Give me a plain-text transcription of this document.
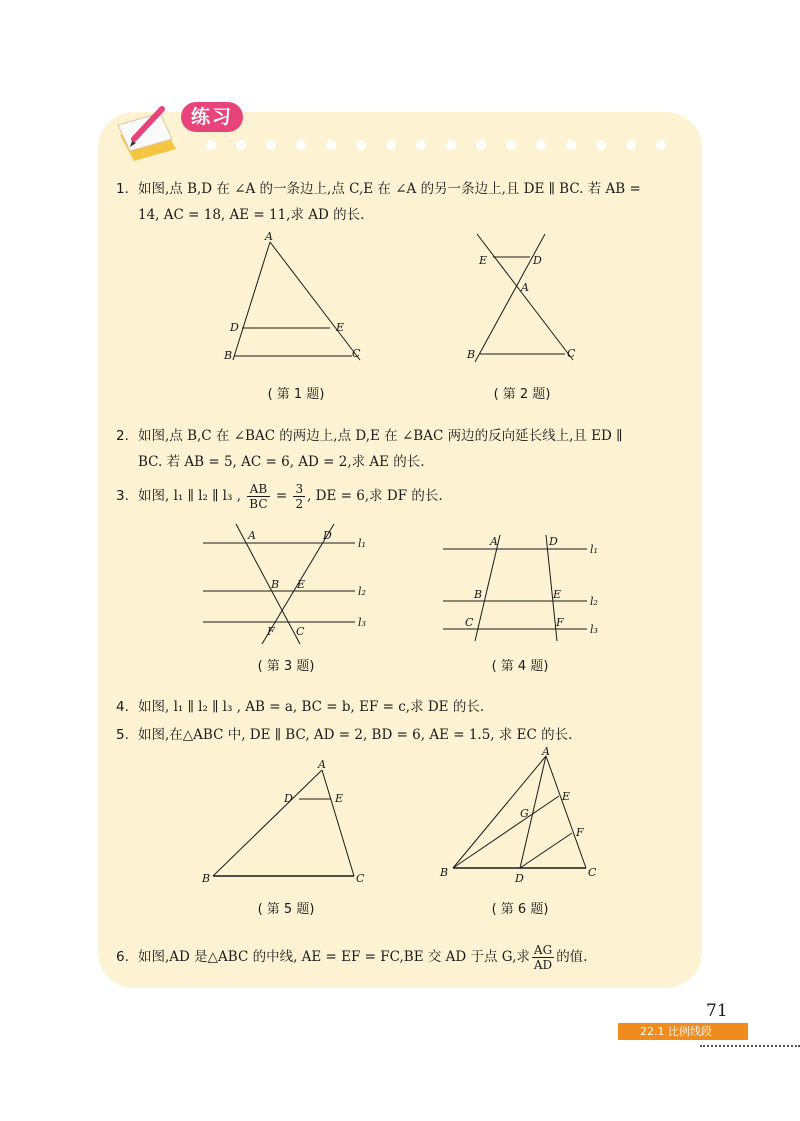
练习
1. 如图,点 B,D 在 ∠A 的一条边上,点 C,E 在 ∠A 的另一条边上,且 DE ∥ BC. 若 AB =
14, AC = 18, AE = 11,求 AD 的长.
A
D	E
B	C
( 第 1 题)
E	D
A
B	C
( 第 2 题)
2. 如图,点 B,C 在 ∠BAC 的两边上,点 D,E 在 ∠BAC 两边的反向延长线上,且 ED ∥
BC. 若 AB = 5, AC = 6, AD = 2,求 AE 的长.
3. 如图, l₁ ∥ l₂ ∥ l₃ , $\frac{AB}{BC} = \frac{3}{2}$ , DE = 6,求 DF 的长.
A	D
B E
F C
l₁
l₂
l₃
( 第 3 题)
A	D
B	E
C	F
l₁
l₂
l₃
( 第 4 题)
4. 如图, l₁ ∥ l₂ ∥ l₃ , AB = a, BC = b, EF = c,求 DE 的长.
5. 如图,在△ABC 中, DE ∥ BC, AD = 2, BD = 6, AE = 1.5, 求 EC 的长.
A
D	E
B	C
( 第 5 题)
A
E
G
F
B	D	C
( 第 6 题)
6. 如图,AD 是△ABC 的中线, AE = EF = FC,BE 交 AD 于点 G,求 $\frac{AG}{AD}$ 的值.
71
22.1 比例线段
